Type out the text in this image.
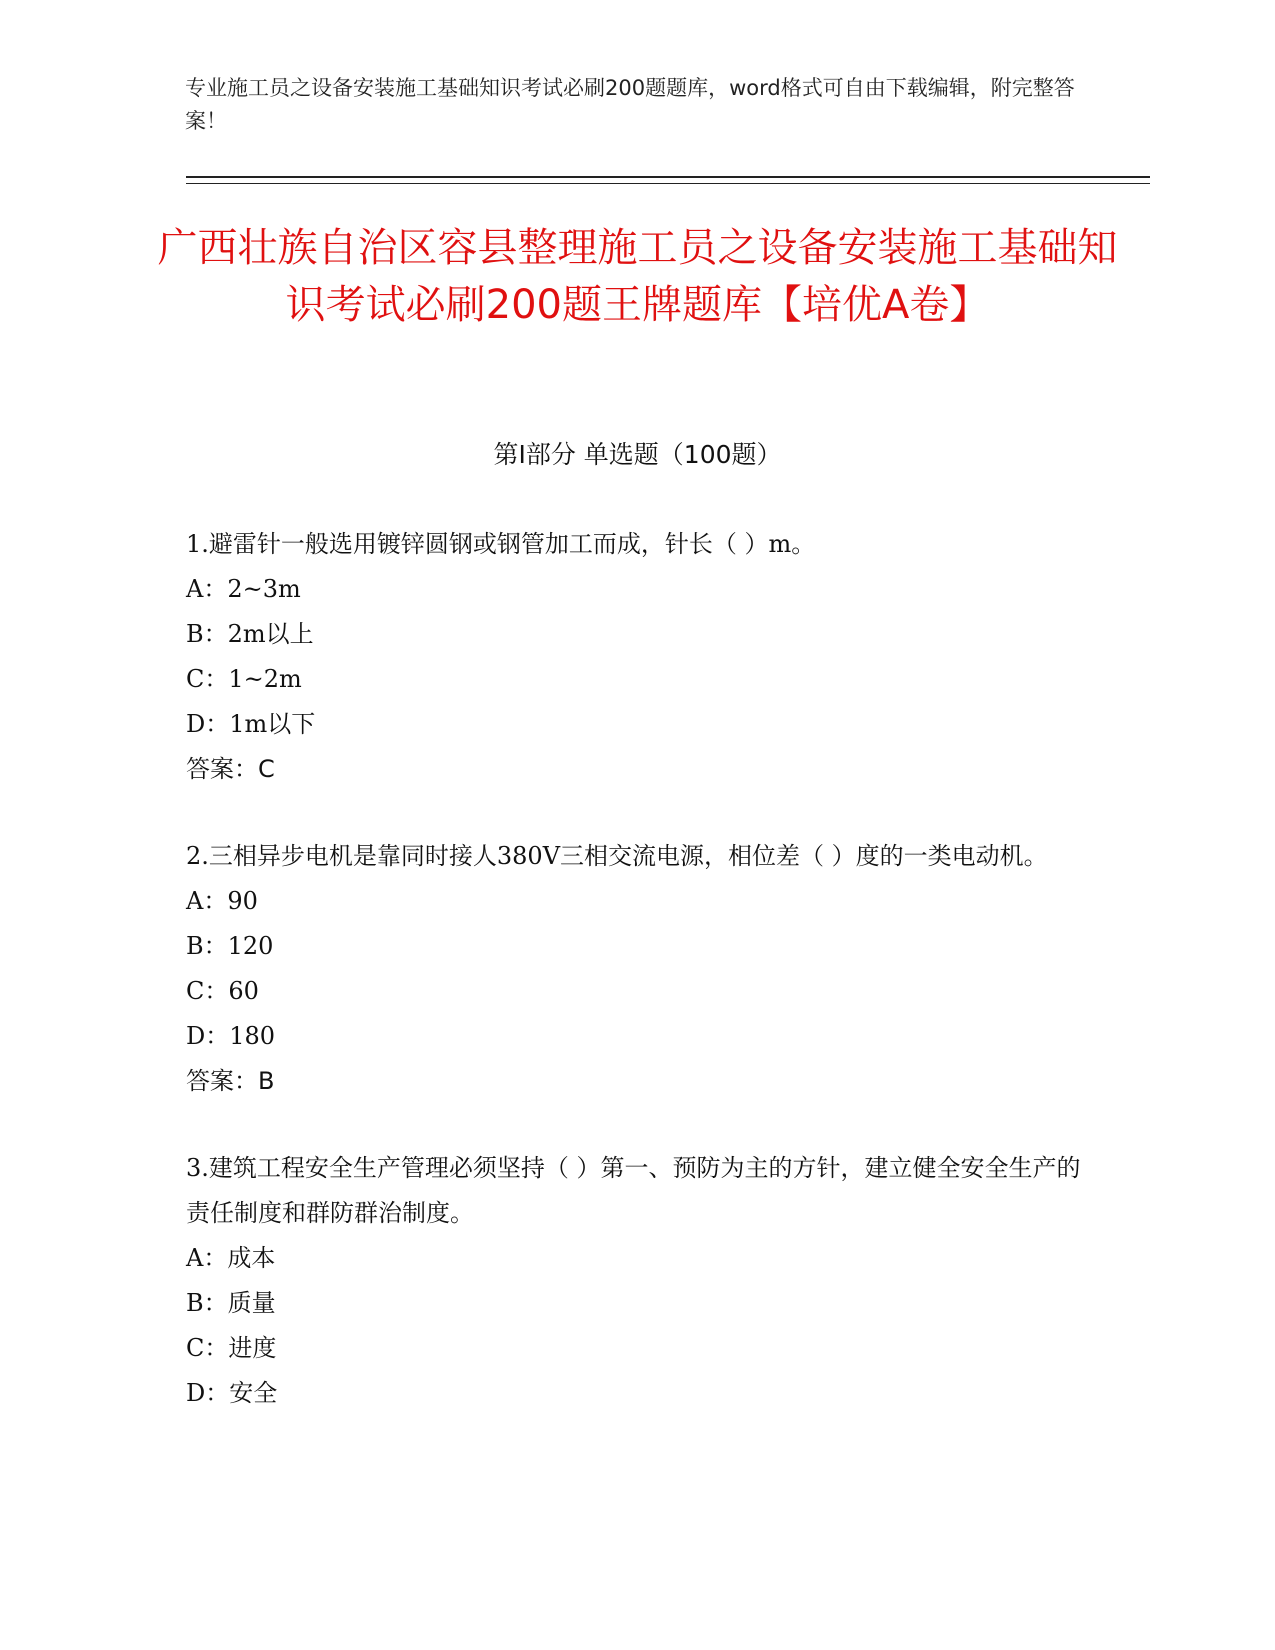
专业施工员之设备安装施工基础知识考试必刷200题题库，word格式可自由下载编辑，附完整答案！
广西壮族自治区容县整理施工员之设备安装施工基础知识考试必刷200题王牌题库【培优A卷】
第I部分 单选题（100题）
1.避雷针一般选用镀锌圆钢或钢管加工而成，针长（ ）m。
A：2~3m
B：2m以上
C：1~2m
D：1m以下
答案：C
2.三相异步电机是靠同时接人380V三相交流电源，相位差（ ）度的一类电动机。
A：90
B：120
C：60
D：180
答案：B
3.建筑工程安全生产管理必须坚持（ ）第一、预防为主的方针，建立健全安全生产的责任制度和群防群治制度。
A：成本
B：质量
C：进度
D：安全
